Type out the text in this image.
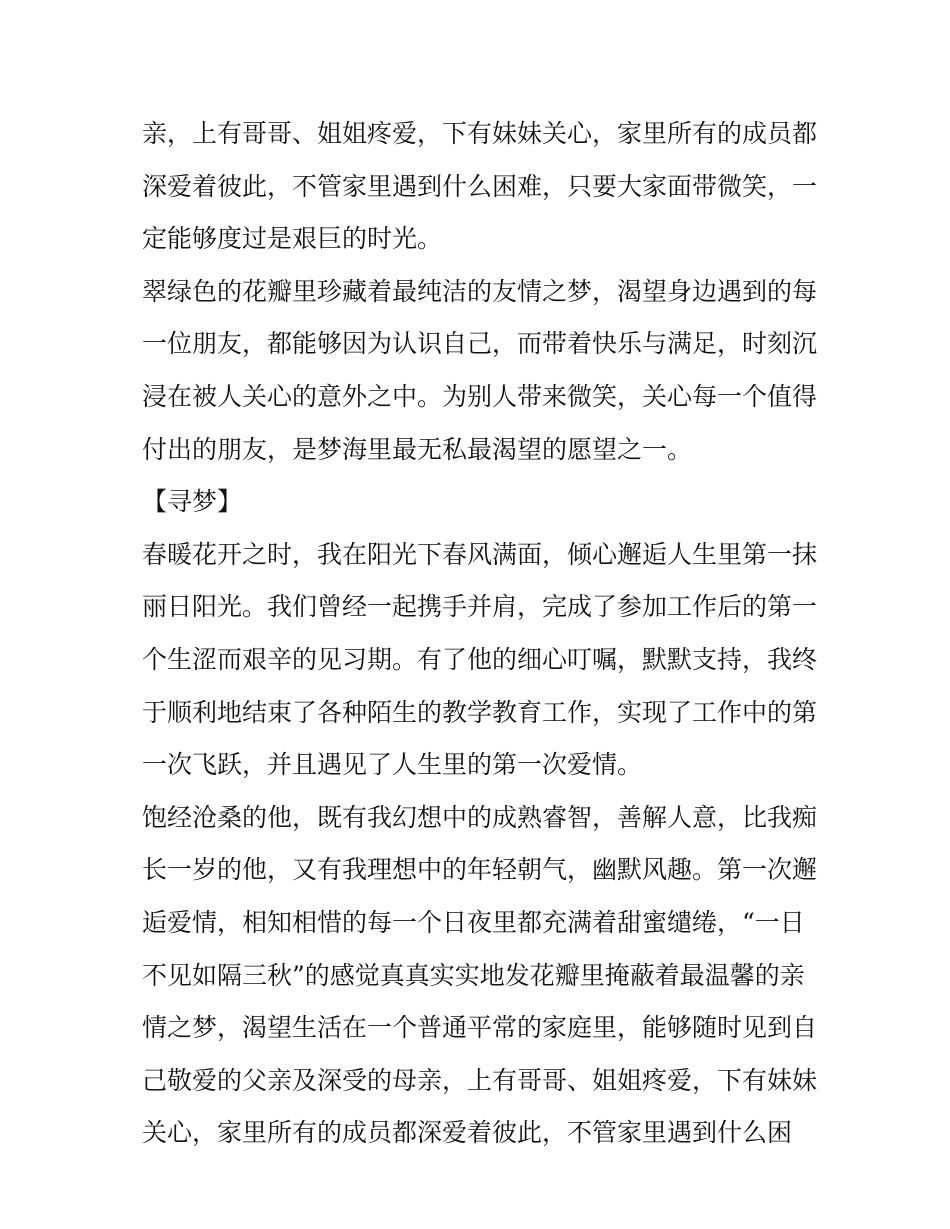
亲，上有哥哥、姐姐疼爱，下有妹妹关心，家里所有的成员都

深爱着彼此，不管家里遇到什么困难，只要大家面带微笑，一

定能够度过是艰巨的时光。

翠绿色的花瓣里珍藏着最纯洁的友情之梦，渴望身边遇到的每

一位朋友，都能够因为认识自己，而带着快乐与满足，时刻沉

浸在被人关心的意外之中。为别人带来微笑，关心每一个值得

付出的朋友，是梦海里最无私最渴望的愿望之一。

【寻梦】

春暖花开之时，我在阳光下春风满面，倾心邂逅人生里第一抹

丽日阳光。我们曾经一起携手并肩，完成了参加工作后的第一

个生涩而艰辛的见习期。有了他的细心叮嘱，默默支持，我终

于顺利地结束了各种陌生的教学教育工作，实现了工作中的第

一次飞跃，并且遇见了人生里的第一次爱情。

饱经沧桑的他，既有我幻想中的成熟睿智，善解人意，比我痴

长一岁的他，又有我理想中的年轻朝气，幽默风趣。第一次邂

逅爱情，相知相惜的每一个日夜里都充满着甜蜜缱绻，“一日

不见如隔三秋”的感觉真真实实地发花瓣里掩蔽着最温馨的亲

情之梦，渴望生活在一个普通平常的家庭里，能够随时见到自

己敬爱的父亲及深受的母亲，上有哥哥、姐姐疼爱，下有妹妹

关心，家里所有的成员都深爱着彼此，不管家里遇到什么困
